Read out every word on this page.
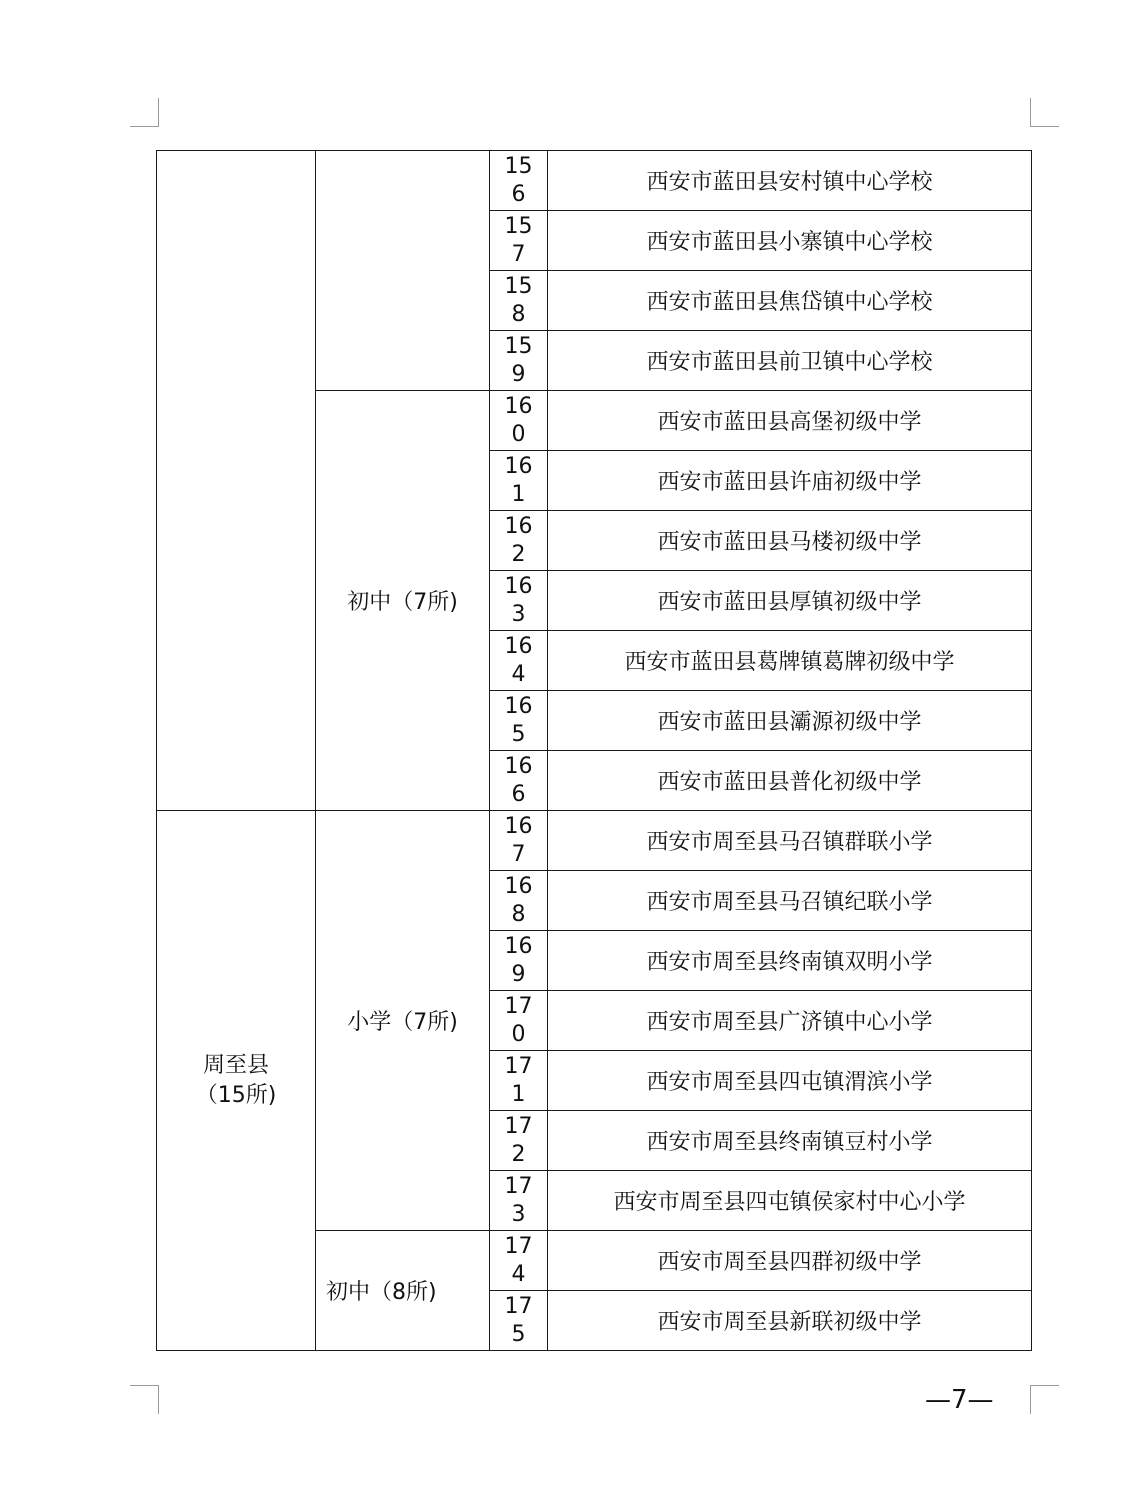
		156	西安市蓝田县安村镇中心学校

		157	西安市蓝田县小寨镇中心学校

		158	西安市蓝田县焦岱镇中心学校

		159	西安市蓝田县前卫镇中心学校
	初中（7所)	160	西安市蓝田县高堡初级中学

		161	西安市蓝田县许庙初级中学

		162	西安市蓝田县马楼初级中学

		163	西安市蓝田县厚镇初级中学

		164	西安市蓝田县葛牌镇葛牌初级中学

		165	西安市蓝田县灞源初级中学

		166	西安市蓝田县普化初级中学
周至县
（15所)	小学（7所)	167	西安市周至县马召镇群联小学

		168	西安市周至县马召镇纪联小学

		169	西安市周至县终南镇双明小学

		170	西安市周至县广济镇中心小学

		171	西安市周至县四屯镇渭滨小学

		172	西安市周至县终南镇豆村小学

		173	西安市周至县四屯镇侯家村中心小学
	初中（8所)	174	西安市周至县四群初级中学

		175	西安市周至县新联初级中学
—7—
